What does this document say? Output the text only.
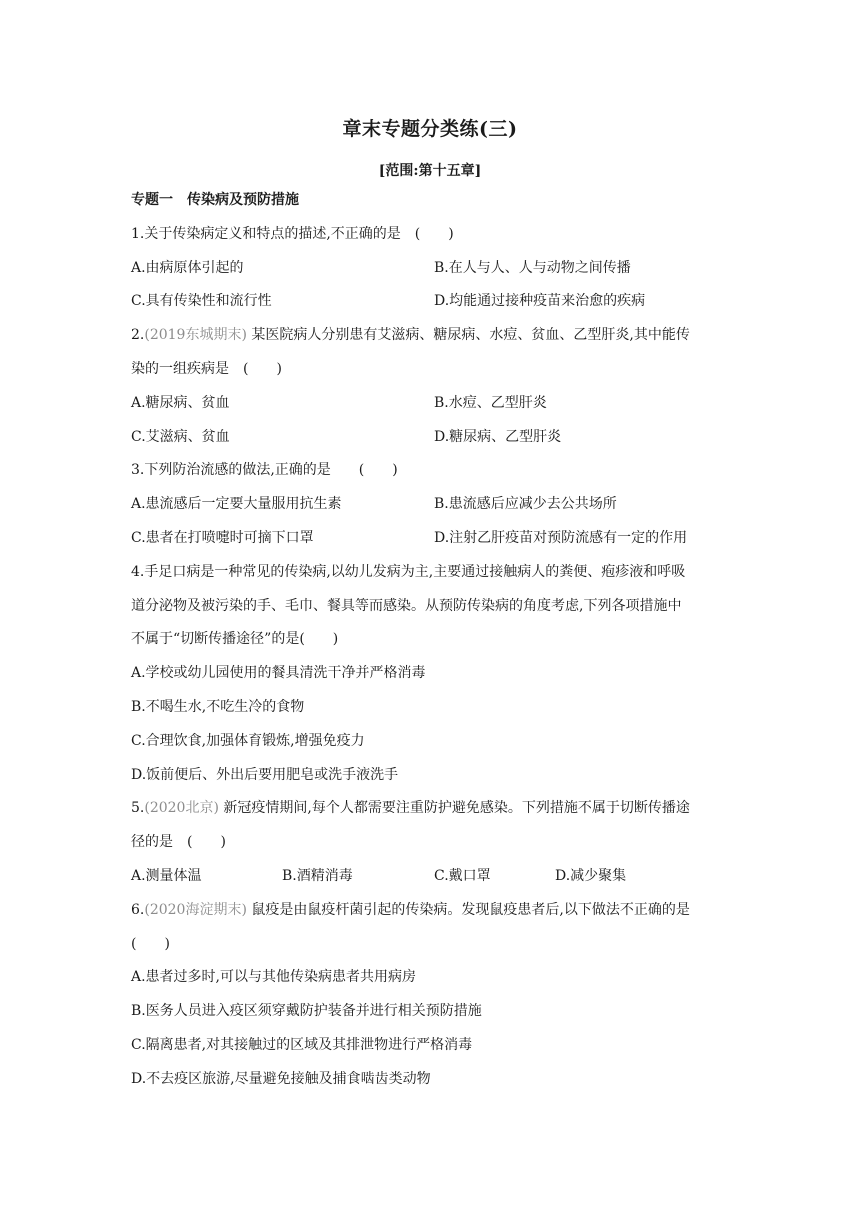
章末专题分类练(三)
[范围:第十五章]
专题一　传染病及预防措施
1.关于传染病定义和特点的描述,不正确的是　(　　)
A.由病原体引起的	B.在人与人、人与动物之间传播
C.具有传染性和流行性	D.均能通过接种疫苗来治愈的疾病
2.(2019东城期末) 某医院病人分别患有艾滋病、糖尿病、水痘、贫血、乙型肝炎,其中能传
染的一组疾病是　(　　)
A.糖尿病、贫血	B.水痘、乙型肝炎
C.艾滋病、贫血	D.糖尿病、乙型肝炎
3.下列防治流感的做法,正确的是　　(　　)
A.患流感后一定要大量服用抗生素	B.患流感后应减少去公共场所
C.患者在打喷嚏时可摘下口罩	D.注射乙肝疫苗对预防流感有一定的作用
4.手足口病是一种常见的传染病,以幼儿发病为主,主要通过接触病人的粪便、疱疹液和呼吸
道分泌物及被污染的手、毛巾、餐具等而感染。从预防传染病的角度考虑,下列各项措施中
不属于“切断传播途径”的是(　　)
A.学校或幼儿园使用的餐具清洗干净并严格消毒
B.不喝生水,不吃生冷的食物
C.合理饮食,加强体育锻炼,增强免疫力
D.饭前便后、外出后要用肥皂或洗手液洗手
5.(2020北京) 新冠疫情期间,每个人都需要注重防护避免感染。下列措施不属于切断传播途
径的是　(　　)
A.测量体温	B.酒精消毒	C.戴口罩	D.减少聚集
6.(2020海淀期末) 鼠疫是由鼠疫杆菌引起的传染病。发现鼠疫患者后,以下做法不正确的是
(　　)
A.患者过多时,可以与其他传染病患者共用病房
B.医务人员进入疫区须穿戴防护装备并进行相关预防措施
C.隔离患者,对其接触过的区域及其排泄物进行严格消毒
D.不去疫区旅游,尽量避免接触及捕食啮齿类动物
